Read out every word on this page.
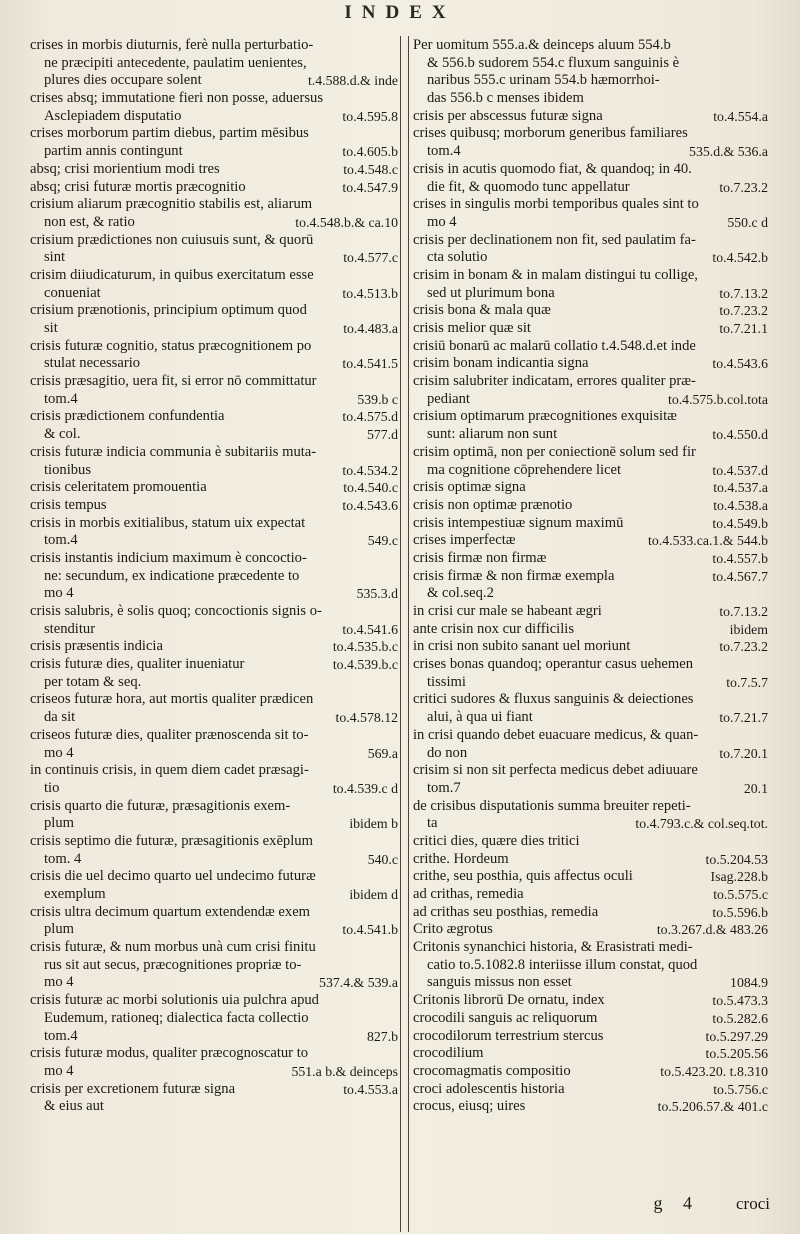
INDEX
crises in morbis diuturnis, ferè nulla perturbatio-
ne præcipiti antecedente, paulatim uenientes,
plures dies occupare solent	t.4.588.d.& inde
crises absq; immutatione fieri non posse, aduersus
Asclepiadem disputatio	to.4.595.8
crises morborum partim diebus, partim mēsibus
partim annis contingunt	to.4.605.b
absq; crisi morientium modi tres	to.4.548.c
absq; crisi futuræ mortis præcognitio	to.4.547.9
crisium aliarum præcognitio stabilis est, aliarum
non est, & ratio	to.4.548.b.& ca.10
crisium prædictiones non cuiusuis sunt, & quorū
sint	to.4.577.c
crisim diiudicaturum, in quibus exercitatum esse
conueniat	to.4.513.b
crisium prænotionis, principium optimum quod
sit	to.4.483.a
crisis futuræ cognitio, status præcognitionem po
stulat necessario	to.4.541.5
crisis præsagitio, uera fit, si error nō committatur
tom.4	539.b c
crisis prædictionem confundentia	to.4.575.d
& col.	577.d
crisis futuræ indicia communia è subitariis muta-
tionibus	to.4.534.2
crisis celeritatem promouentia	to.4.540.c
crisis tempus	to.4.543.6
crisis in morbis exitialibus, statum uix expectat
tom.4	549.c
crisis instantis indicium maximum è concoctio-
ne: secundum, ex indicatione præcedente to
mo 4	535.3.d
crisis salubris, è solis quoq; concoctionis signis o-
stenditur	to.4.541.6
crisis præsentis indicia	to.4.535.b.c
crisis futuræ dies, qualiter inueniatur	to.4.539.b.c
per totam & seq.
criseos futuræ hora, aut mortis qualiter prædicen
da sit	to.4.578.12
criseos futuræ dies, qualiter prænoscenda sit to-
mo 4	569.a
in continuis crisis, in quem diem cadet præsagi-
tio	to.4.539.c d
crisis quarto die futuræ, præsagitionis exem-
plum	ibidem b
crisis septimo die futuræ, præsagitionis exēplum
tom. 4	540.c
crisis die uel decimo quarto uel undecimo futuræ
exemplum	ibidem d
crisis ultra decimum quartum extendendæ exem
plum	to.4.541.b
crisis futuræ, & num morbus unà cum crisi finitu
rus sit aut secus, præcognitiones propriæ to-
mo 4	537.4.& 539.a
crisis futuræ ac morbi solutionis uia pulchra apud
Eudemum, rationeq; dialectica facta collectio
tom.4	827.b
crisis futuræ modus, qualiter præcognoscatur to
mo 4	551.a b.& deinceps
crisis per excretionem futuræ signa	to.4.553.a
& eius aut
Per uomitum 555.a.& deinceps aluum 554.b
& 556.b sudorem 554.c fluxum sanguinis è
naribus 555.c urinam 554.b hæmorrhoi-
das 556.b c menses ibidem
crisis per abscessus futuræ signa	to.4.554.a
crises quibusq; morborum generibus familiares
tom.4	535.d.& 536.a
crisis in acutis quomodo fiat, & quandoq; in 40.
die fit, & quomodo tunc appellatur	to.7.23.2
crises in singulis morbi temporibus quales sint to
mo 4	550.c d
crisis per declinationem non fit, sed paulatim fa-
cta solutio	to.4.542.b
crisim in bonam & in malam distingui tu collige,
sed ut plurimum bona	to.7.13.2
crisis bona & mala quæ	to.7.23.2
crisis melior quæ sit	to.7.21.1
crisiū bonarū ac malarū collatio t.4.548.d.et inde
crisim bonam indicantia signa	to.4.543.6
crisim salubriter indicatam, errores qualiter præ-
pediant	to.4.575.b.col.tota
crisium optimarum præcognitiones exquisitæ
sunt: aliarum non sunt	to.4.550.d
crisim optimā, non per coniectionē solum sed fir
ma cognitione cōprehendere licet	to.4.537.d
crisis optimæ signa	to.4.537.a
crisis non optimæ prænotio	to.4.538.a
crisis intempestiuæ signum maximū	to.4.549.b
crises imperfectæ	to.4.533.ca.1.& 544.b
crisis firmæ non firmæ	to.4.557.b
crisis firmæ & non firmæ exempla	to.4.567.7
& col.seq.2
in crisi cur male se habeant ægri	to.7.13.2
ante crisin nox cur difficilis	ibidem
in crisi non subito sanant uel moriunt	to.7.23.2
crises bonas quandoq; operantur casus uehemen
tissimi	to.7.5.7
critici sudores & fluxus sanguinis & deiectiones
alui, à qua ui fiant	to.7.21.7
in crisi quando debet euacuare medicus, & quan-
do non	to.7.20.1
crisim si non sit perfecta medicus debet adiuuare
tom.7	20.1
de crisibus disputationis summa breuiter repeti-
ta	to.4.793.c.& col.seq.tot.
critici dies, quære dies tritici
crithe. Hordeum	to.5.204.53
crithe, seu posthia, quis affectus oculi	Isag.228.b
ad crithas, remedia	to.5.575.c
ad crithas seu posthias, remedia	to.5.596.b
Crito ægrotus	to.3.267.d.& 483.26
Critonis synanchici historia, & Erasistrati medi-
catio to.5.1082.8 interiisse illum constat, quod
sanguis missus non esset	1084.9
Critonis librorū De ornatu, index	to.5.473.3
crocodili sanguis ac reliquorum	to.5.282.6
crocodilorum terrestrium stercus	to.5.297.29
crocodilium	to.5.205.56
crocomagmatis compositio	to.5.423.20. t.8.310
croci adolescentis historia	to.5.756.c
crocus, eiusq; uires	to.5.206.57.& 401.c
g 4 croci
